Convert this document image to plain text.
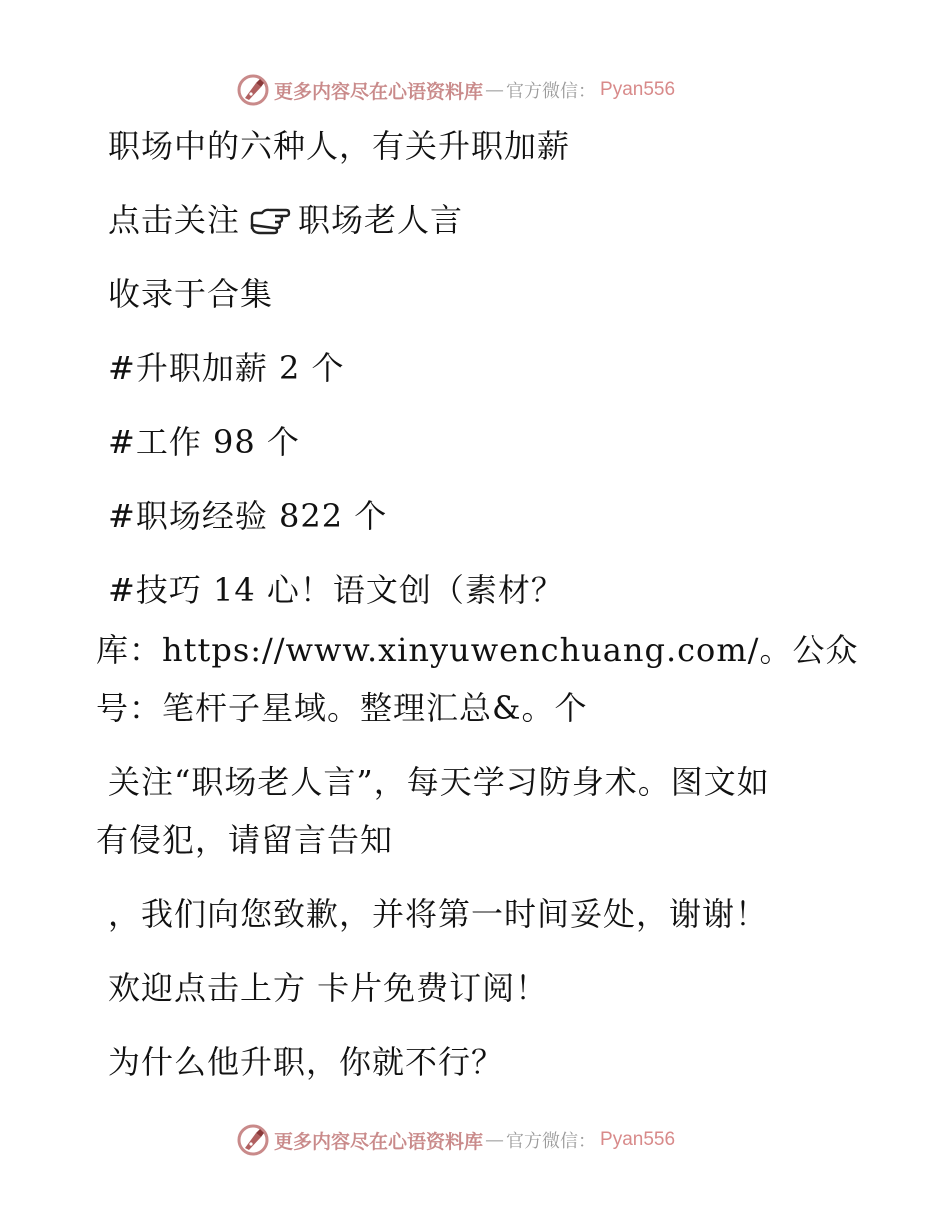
更多内容尽在心语资料库 — 官方微信： Pyan556
职场中的六种人，有关升职加薪
点击关注 职场老人言
收录于合集
#升职加薪 2 个
#工作 98 个
#职场经验 822 个
#技巧 14 心！语文创（素材？
库：https://www.xinyuwenchuang.com/。公众
号：笔杆子星域。整理汇总&。个
关注“职场老人言”，每天学习防身术。图文如
有侵犯，请留言告知
，我们向您致歉，并将第一时间妥处，谢谢！
欢迎点击上方 卡片免费订阅！
为什么他升职，你就不行？
更多内容尽在心语资料库 — 官方微信： Pyan556
